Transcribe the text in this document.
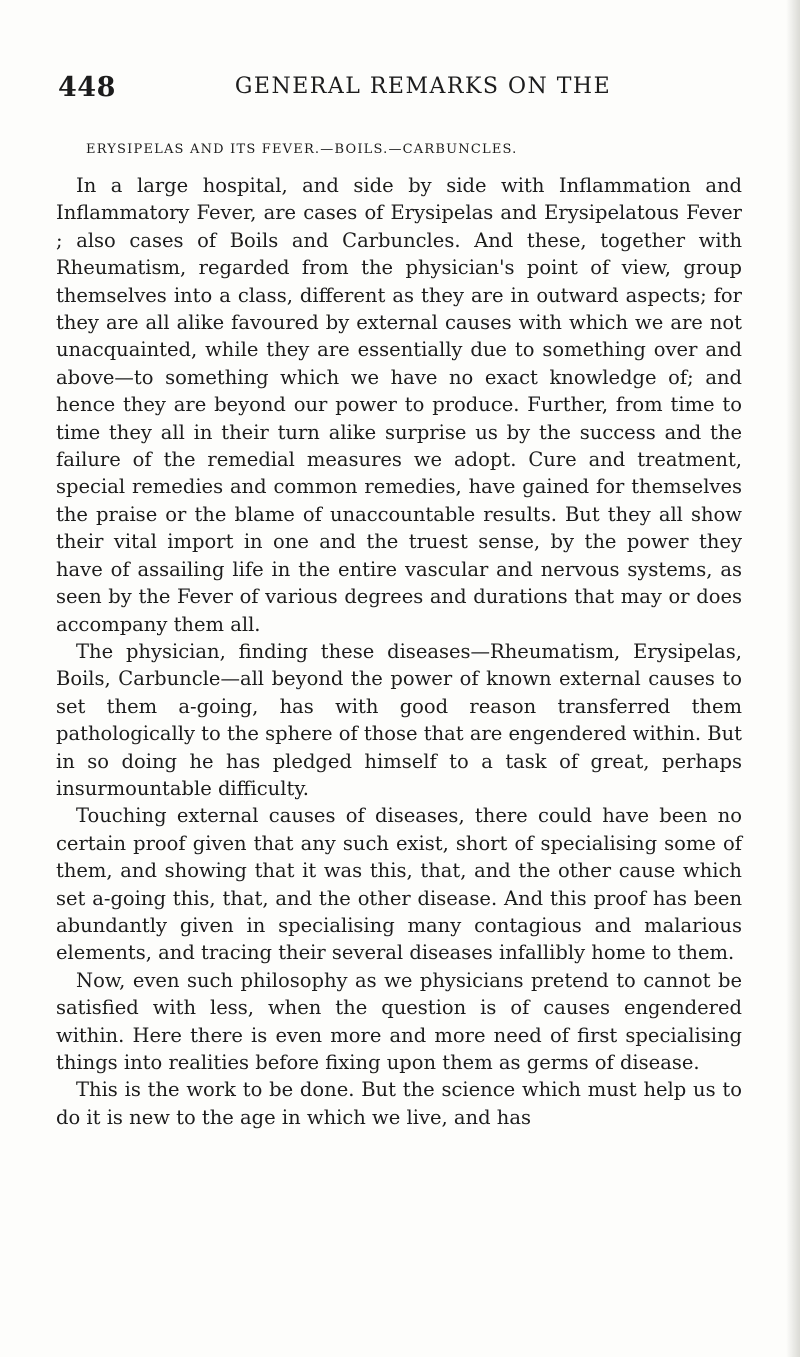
448	GENERAL REMARKS ON THE
ERYSIPELAS AND ITS FEVER.—BOILS.—CARBUNCLES.

In a large hospital, and side by side with Inflammation and Inflammatory Fever, are cases of Erysipelas and Erysipelatous Fever ; also cases of Boils and Carbuncles. And these, together with Rheumatism, regarded from the physician's point of view, group themselves into a class, different as they are in outward aspects; for they are all alike favoured by external causes with which we are not unacquainted, while they are essentially due to something over and above—to something which we have no exact knowledge of; and hence they are beyond our power to produce. Further, from time to time they all in their turn alike surprise us by the success and the failure of the remedial measures we adopt. Cure and treatment, special remedies and common remedies, have gained for themselves the praise or the blame of unaccountable results. But they all show their vital import in one and the truest sense, by the power they have of assailing life in the entire vascular and nervous systems, as seen by the Fever of various degrees and durations that may or does accompany them all.

The physician, finding these diseases—Rheumatism, Erysipelas, Boils, Carbuncle—all beyond the power of known external causes to set them a-going, has with good reason transferred them pathologically to the sphere of those that are engendered within. But in so doing he has pledged himself to a task of great, perhaps insurmountable difficulty.

Touching external causes of diseases, there could have been no certain proof given that any such exist, short of specialising some of them, and showing that it was this, that, and the other cause which set a-going this, that, and the other disease. And this proof has been abundantly given in specialising many contagious and malarious elements, and tracing their several diseases infallibly home to them.

Now, even such philosophy as we physicians pretend to cannot be satisfied with less, when the question is of causes engendered within. Here there is even more and more need of first specialising things into realities before fixing upon them as germs of disease.

This is the work to be done. But the science which must help us to do it is new to the age in which we live, and has
